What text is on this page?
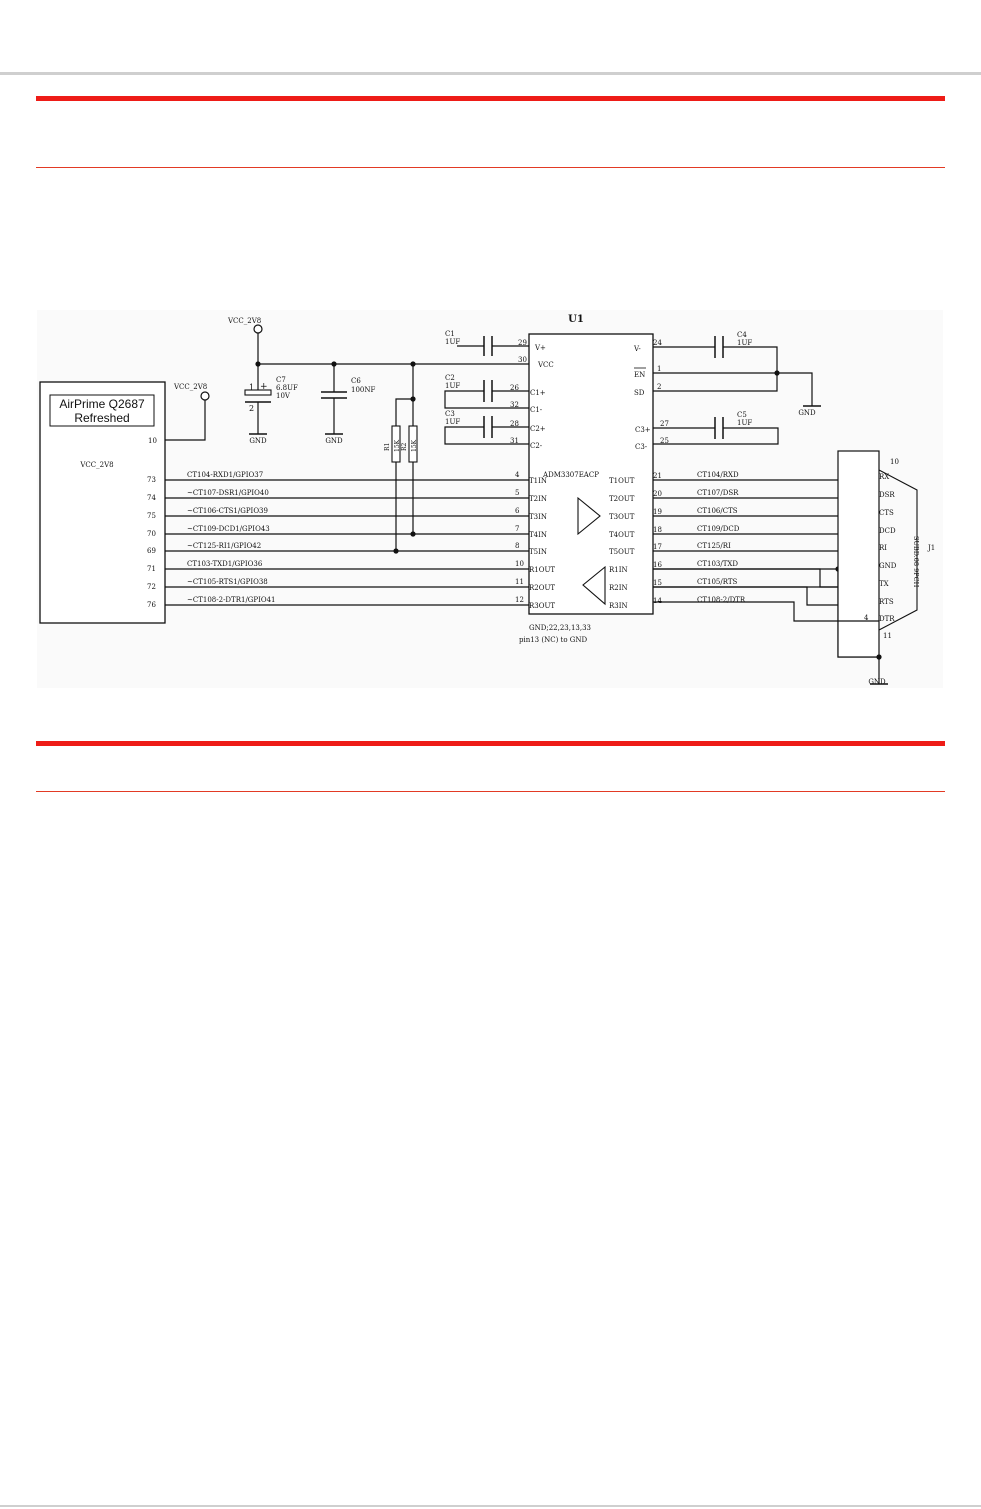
AirPrime Q2687
Refreshed
VCC_2V8
10
VCC_2V8
VCC_2V8
1 +
2
C7
6.8UF
10V
GND
C6
100NF
GND
R1 15K R2 15K
U1
ADM3307EACP
C1
1UF	29
V+
30
VCC
C2
1UF	26
C1+
32
C1-
C3
1UF	28
C2+
31
C2-
C4
1UF
24
V-
GND
1
EN
2
SD
C5
1UF
27
C3+
25
C3-
73
CT104-RXD1/GPIO37	4
T1IN	T1OUT
21	CT104/RXD	RX
74
~CT107-DSR1/GPIO40	5
T2IN	T2OUT
20	CT107/DSR	DSR
75
~CT106-CTS1/GPIO39	6
T3IN	T3OUT
19	CT106/CTS	CTS
70
~CT109-DCD1/GPIO43	7
T4IN	T4OUT
18	CT109/DCD	DCD
69
~CT125-RI1/GPIO42	8
T5IN	T5OUT
17	CT125/RI	RI
71
CT103-TXD1/GPIO36	10
R1OUT	R1IN
16	CT103/TXD	GND
72
~CT105-RTS1/GPIO38	11
R2OUT	R2IN
15	CT105/RTS	TX
76
~CT108-2-DTR1/GPIO41	12
R3OUT	R3IN
14	CT108-2/DTR	RTS
GND;22,23,13,33
pin13 (NC) to GND
10
11
J1
SUBD.08 9PCH
GND
4 DTR
